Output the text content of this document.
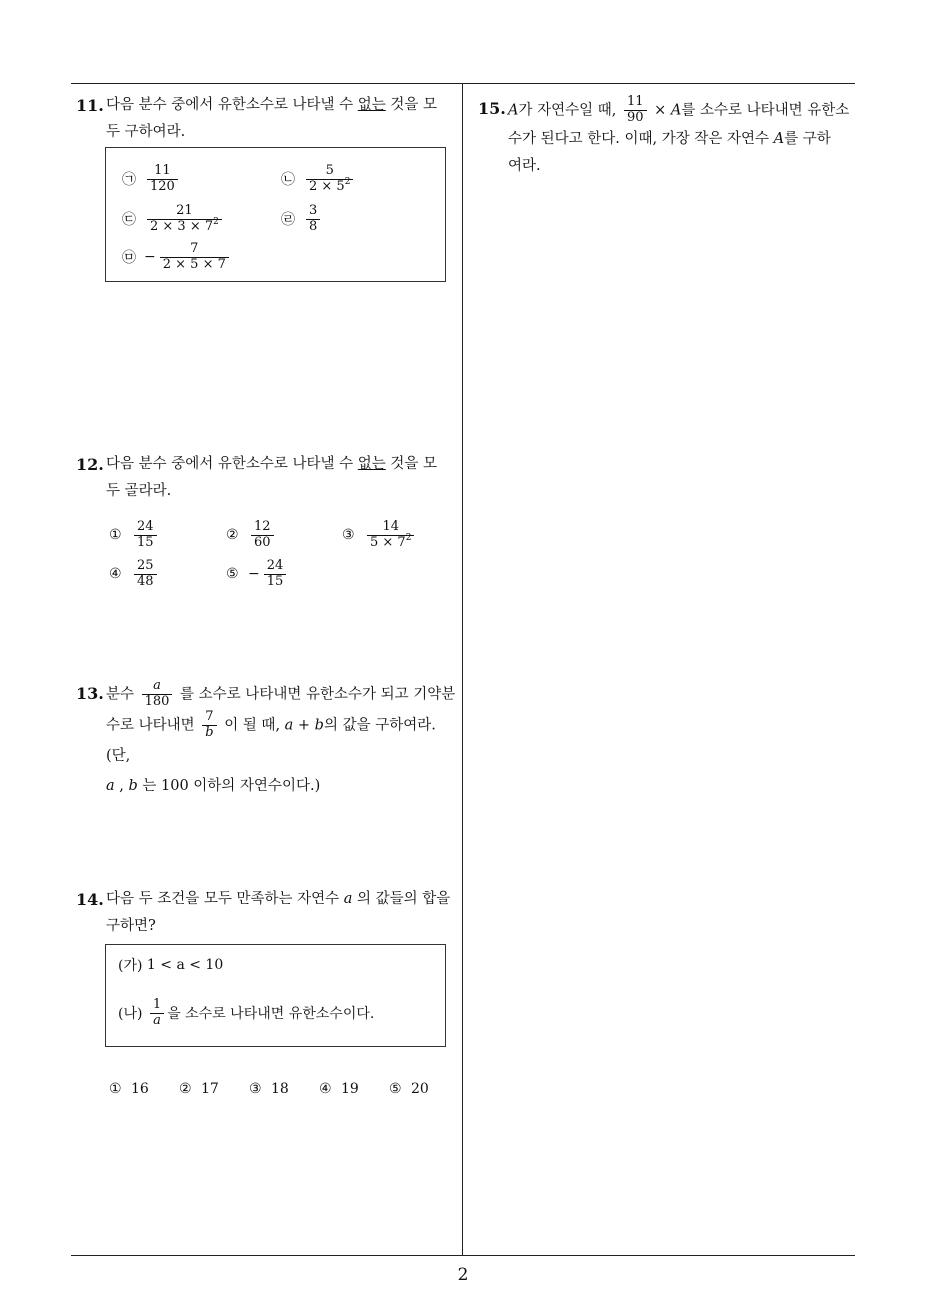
2
11. 다음 분수 중에서 유한소수로 나타낼 수 없는 것을 모
두 구하여라.
㉠ $\frac{11}{120}$	㉡ $\frac{5}{2 \times 5^2}$
㉢ $\frac{21}{2 \times 3 \times 7^2}$	㉣ $\frac{3}{8}$
㉤ − $\frac{7}{2 \times 5 \times 7}$
12. 다음 분수 중에서 유한소수로 나타낼 수 없는 것을 모
두 골라라.
① $\frac{24}{15}$	② $\frac{12}{60}$	③ $\frac{14}{5 \times 7^2}$
④ $\frac{25}{48}$	⑤ − $\frac{24}{15}$
13. 분수 $\frac{a}{180}$ 를 소수로 나타내면 유한소수가 되고 기약분
수로 나타내면 $\frac{7}{b}$ 이 될 때, a + b의 값을 구하여라. (단,
a , b 는 100 이하의 자연수이다.)
14. 다음 두 조건을 모두 만족하는 자연수 a 의 값들의 합을
구하면?
(가)
1 < a < 10
(나)
$\frac{1}{a}$ 을 소수로 나타내면 유한소수이다.
① 16 ② 17 ③ 18 ④ 19 ⑤ 20
15. A가 자연수일 때, $\frac{11}{90} \times A$를 소수로 나타내면 유한소
수가 된다고 한다. 이때, 가장 작은 자연수 A를 구하
여라.
